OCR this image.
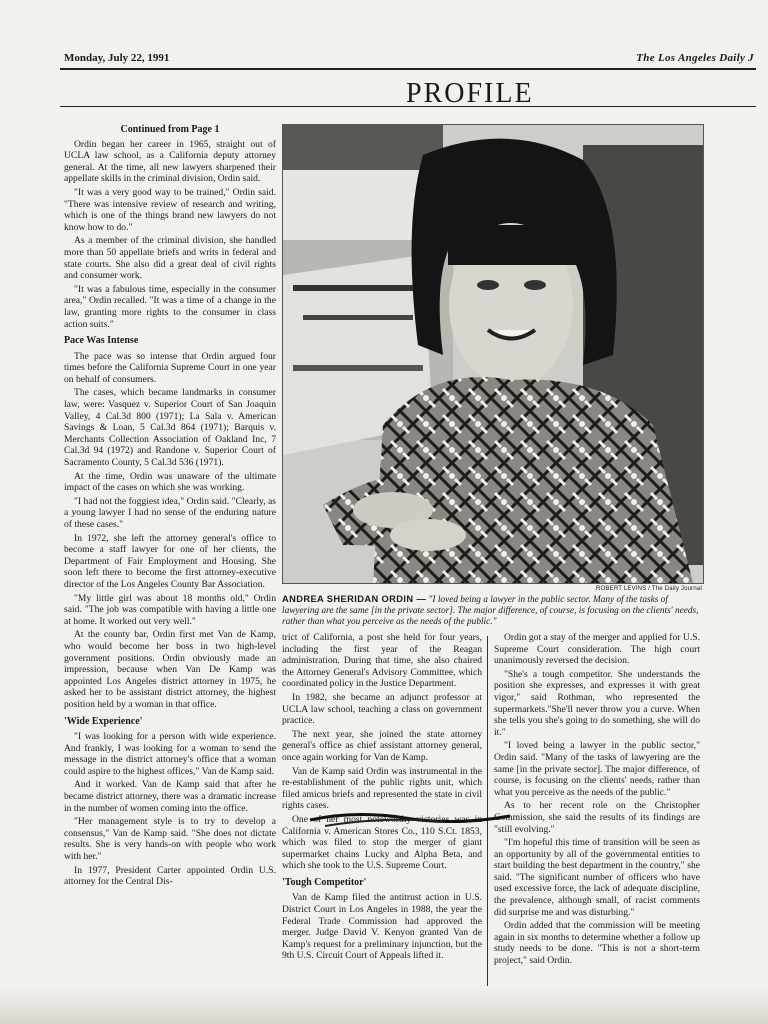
Monday, July 22, 1991	The Los Angeles Daily J
PROFILE

Continued from Page 1

Ordin began her career in 1965, straight out of UCLA law school, as a California deputy attorney general. At the time, all new lawyers sharpened their appellate skills in the criminal division, Ordin said.

"It was a very good way to be trained," Ordin said. "There was intensive review of research and writing, which is one of the things brand new lawyers do not know how to do."

As a member of the criminal division, she handled more than 50 appellate briefs and writs in federal and state courts. She also did a great deal of civil rights and consumer work.

"It was a fabulous time, especially in the consumer area," Ordin recalled. "It was a time of a change in the law, granting more rights to the consumer in class action suits."

Pace Was Intense

The pace was so intense that Ordin argued four times before the California Supreme Court in one year on behalf of consumers.

The cases, which became landmarks in consumer law, were: Vasquez v. Superior Court of San Joaquin Valley, 4 Cal.3d 800 (1971); La Sala v. American Savings & Loan, 5 Cal.3d 864 (1971); Barquis v. Merchants Collection Association of Oakland Inc, 7 Cal.3d 94 (1972) and Randone v. Superior Court of Sacramento County, 5 Cal.3d 536 (1971).

At the time, Ordin was unaware of the ultimate impact of the cases on which she was working.

"I had not the foggiest idea," Ordin said. "Clearly, as a young lawyer I had no sense of the enduring nature of these cases."

In 1972, she left the attorney general's office to become a staff lawyer for one of her clients, the Department of Fair Employment and Housing. She soon left there to become the first attorney-executive director of the Los Angeles County Bar Association.

"My little girl was about 18 months old," Ordin said. "The job was compatible with having a little one at home. It worked out very well."

At the county bar, Ordin first met Van de Kamp, who would become her boss in two high-level government positions. Ordin obviously made an impression, because when Van De Kamp was appointed Los Angeles district attorney in 1975, he asked her to be assistant district attorney, the highest position held by a woman in that office.

'Wide Experience'

"I was looking for a person with wide experience. And frankly, I was looking for a woman to send the message in the district attorney's office that a woman could aspire to the highest offices," Van de Kamp said.

And it worked. Van de Kamp said that after he became district attorney, there was a dramatic increase in the number of women coming into the office.

"Her management style is to try to develop a consensus," Van de Kamp said. "She does not dictate results. She is very hands-on with people who work with her."

In 1977, President Carter appointed Ordin U.S. attorney for the Central Dis-

ROBERT LEVINS / The Daily Journal
ANDREA SHERIDAN ORDIN — "I loved being a lawyer in the public sector. Many of the tasks of lawyering are the same [in the private sector]. The major difference, of course, is focusing on the clients' needs, rather than what you perceive as the needs of the public."

trict of California, a post she held for four years, including the first year of the Reagan administration. During that time, she also chaired the Attorney General's Advisory Committee, which coordinated policy in the Justice Department.

In 1982, she became an adjunct professor at UCLA law school, teaching a class on government practice.

The next year, she joined the state attorney general's office as chief assistant attorney general, once again working for Van de Kamp.

Van de Kamp said Ordin was instrumental in the re-establishment of the public rights unit, which filed amicus briefs and represented the state in civil rights cases.

One of her most noteworthy victories was in California v. American Stores Co., 110 S.Ct. 1853, which was filed to stop the merger of giant supermarket chains Lucky and Alpha Beta, and which she took to the U.S. Supreme Court.

'Tough Competitor'

Van de Kamp filed the antitrust action in U.S. District Court in Los Angeles in 1988, the year the Federal Trade Commission had approved the merger. Judge David V. Kenyon granted Van de Kamp's request for a preliminary injunction, but the 9th U.S. Circuit Court of Appeals lifted it.

Ordin got a stay of the merger and applied for U.S. Supreme Court consideration. The high court unanimously reversed the decision.

"She's a tough competitor. She understands the position she expresses, and expresses it with great vigor," said Rothman, who represented the supermarkets."She'll never throw you a curve. When she tells you she's going to do something, she will do it."

"I loved being a lawyer in the public sector," Ordin said. "Many of the tasks of lawyering are the same [in the private sector]. The major difference, of course, is focusing on the clients' needs, rather than what you perceive as the needs of the public."

As to her recent role on the Christopher Commission, she said the results of its findings are "still evolving."

"I'm hopeful this time of transition will be seen as an opportunity by all of the governmental entities to start building the best department in the country," she said. "The significant number of officers who have used excessive force, the lack of adequate discipline, the prevalence, although small, of racist comments did surprise me and was disturbing."

Ordin added that the commission will be meeting again in six months to determine whether a follow up study needs to be done. "This is not a short-term project," said Ordin.
